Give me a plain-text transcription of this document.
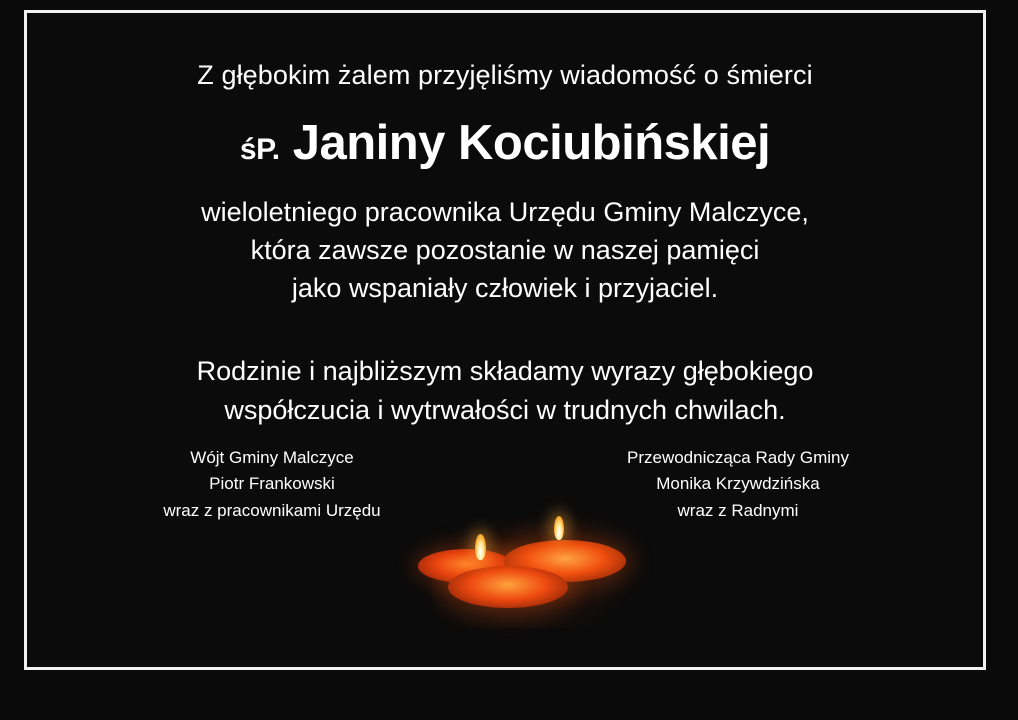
Z głębokim żalem przyjęliśmy wiadomość o śmierci
śP. Janiny Kociubińskiej
wieloletniego pracownika Urzędu Gminy Malczyce,
która zawsze pozostanie w naszej pamięci
jako wspaniały człowiek i przyjaciel.
Rodzinie i najbliższym składamy wyrazy głębokiego
współczucia i wytrwałości w trudnych chwilach.
Wójt Gminy Malczyce
Piotr Frankowski
wraz z pracownikami Urzędu
Przewodnicząca Rady Gminy
Monika Krzywdzińska
wraz z Radnymi
